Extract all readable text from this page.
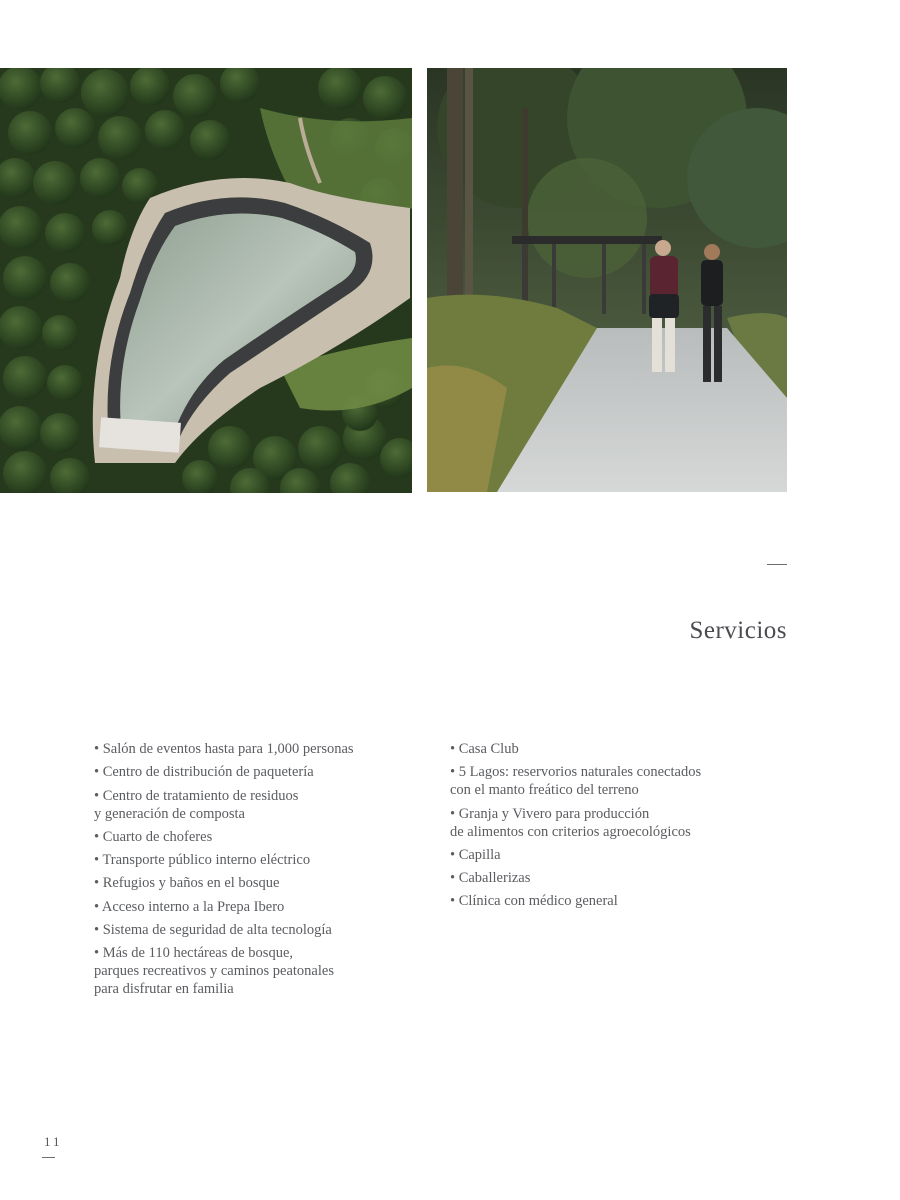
Servicios
• Salón de eventos hasta para 1,000 personas
• Centro de distribución de paquetería
• Centro de tratamiento de residuos
y generación de composta
• Cuarto de choferes
• Transporte público interno eléctrico
• Refugios y baños en el bosque
• Acceso interno a la Prepa Ibero
• Sistema de seguridad de alta tecnología
• Más de 110 hectáreas de bosque,
parques recreativos y caminos peatonales
para disfrutar en familia
• Casa Club
• 5 Lagos: reservorios naturales conectados
con el manto freático del terreno
• Granja y Vivero para producción
de alimentos con criterios agroecológicos
• Capilla
• Caballerizas
• Clínica con médico general
11
